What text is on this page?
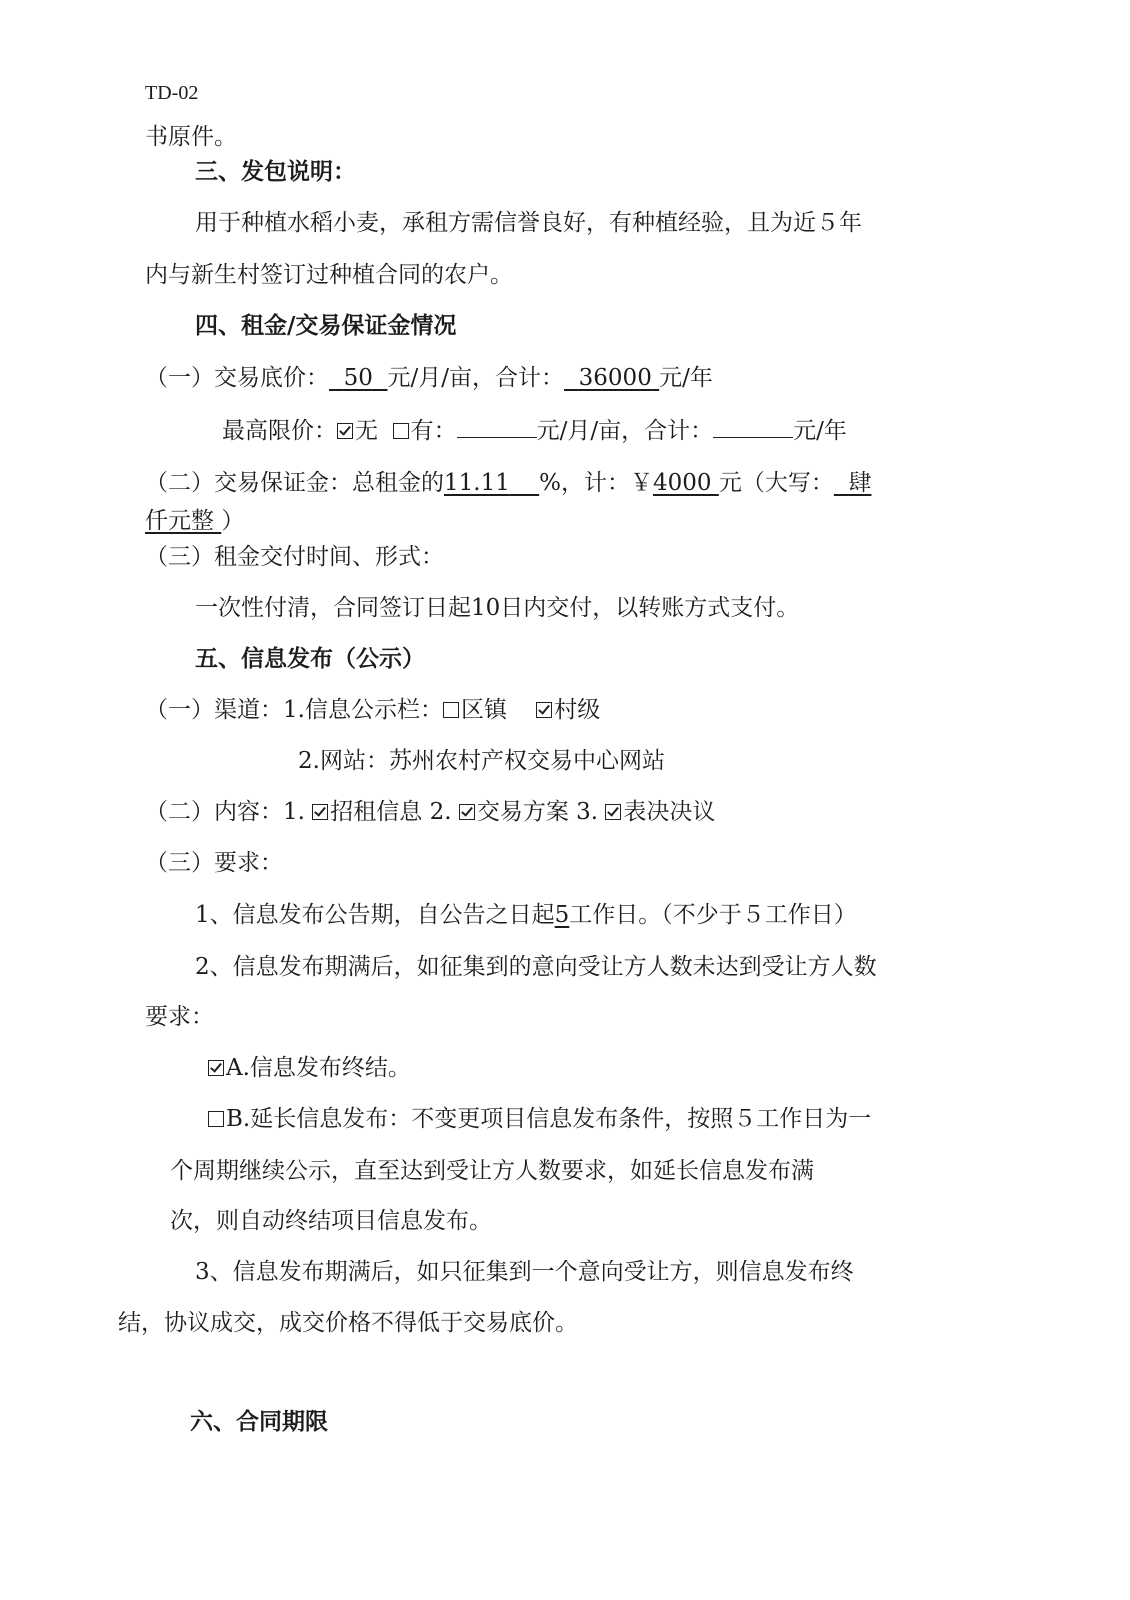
TD-02
书原件。
三、发包说明：
用于种植水稻小麦，承租方需信誉良好，有种植经验，且为近５年
内与新生村签订过种植合同的农户。
四、租金/交易保证金情况
（一）交易底价： 50 元/月/亩，合计： 36000 元/年
最高限价： 无 有：	元/月/亩，合计：	元/年
（二）交易保证金：总租金的11.11 %，计：￥4000 元（大写： 肆
仟元整 ）
（三）租金交付时间、形式：
一次性付清，合同签订日起10日内交付，以转账方式支付。
五、信息发布（公示）
（一）渠道：1.信息公示栏： 区镇 村级
2.网站：苏州农村产权交易中心网站
（二）内容：1. 招租信息 2. 交易方案 3. 表决决议
（三）要求：
1、信息发布公告期，自公告之日起5工作日。（不少于５工作日）
2、信息发布期满后，如征集到的意向受让方人数未达到受让方人数
要求：
A.信息发布终结。
B.延长信息发布：不变更项目信息发布条件，按照５工作日为一
个周期继续公示，直至达到受让方人数要求，如延长信息发布满
次，则自动终结项目信息发布。
3、信息发布期满后，如只征集到一个意向受让方，则信息发布终
结，协议成交，成交价格不得低于交易底价。
六、合同期限
